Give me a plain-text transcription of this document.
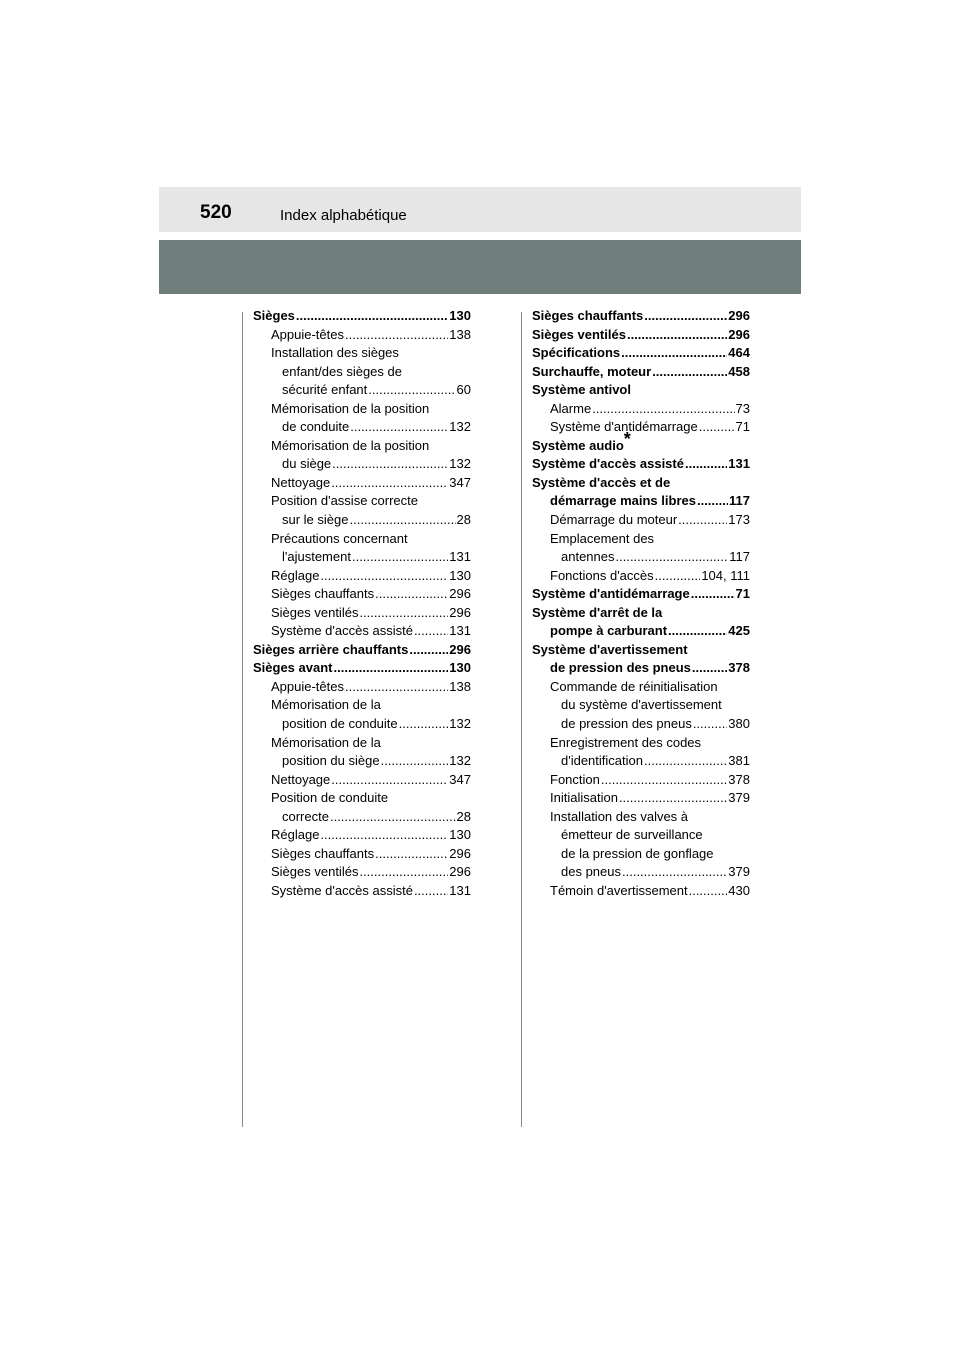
520	Index alphabétique
Sièges .....	130
Appuie-têtes .....	138
Installation des sièges
enfant/des sièges de
sécurité enfant .....	60
Mémorisation de la position
de conduite .....	132
Mémorisation de la position
du siège .....	132
Nettoyage .....	347
Position d'assise correcte
sur le siège .....	28
Précautions concernant
l'ajustement .....	131
Réglage .....	130
Sièges chauffants .....	296
Sièges ventilés .....	296
Système d'accès assisté .....	131
Sièges arrière chauffants .....	296
Sièges avant .....	130
Appuie-têtes .....	138
Mémorisation de la
position de conduite .....	132
Mémorisation de la
position du siège .....	132
Nettoyage .....	347
Position de conduite
correcte .....	28
Réglage .....	130
Sièges chauffants .....	296
Sièges ventilés .....	296
Système d'accès assisté .....	131
Sièges chauffants .....	296
Sièges ventilés .....	296
Spécifications .....	464
Surchauffe, moteur .....	458
Système antivol
Alarme .....	73
Système d'antidémarrage .....	71
Système audio*
Système d'accès assisté .....	131
Système d'accès et de
démarrage mains libres .....	117
Démarrage du moteur .....	173
Emplacement des
antennes .....	117
Fonctions d'accès .....	104, 111
Système d'antidémarrage .....	71
Système d'arrêt de la
pompe à carburant .....	425
Système d'avertissement
de pression des pneus .....	378
Commande de réinitialisation
du système d'avertissement
de pression des pneus .....	380
Enregistrement des codes
d'identification .....	381
Fonction .....	378
Initialisation .....	379
Installation des valves à
émetteur de surveillance
de la pression de gonflage
des pneus .....	379
Témoin d'avertissement .....	430
